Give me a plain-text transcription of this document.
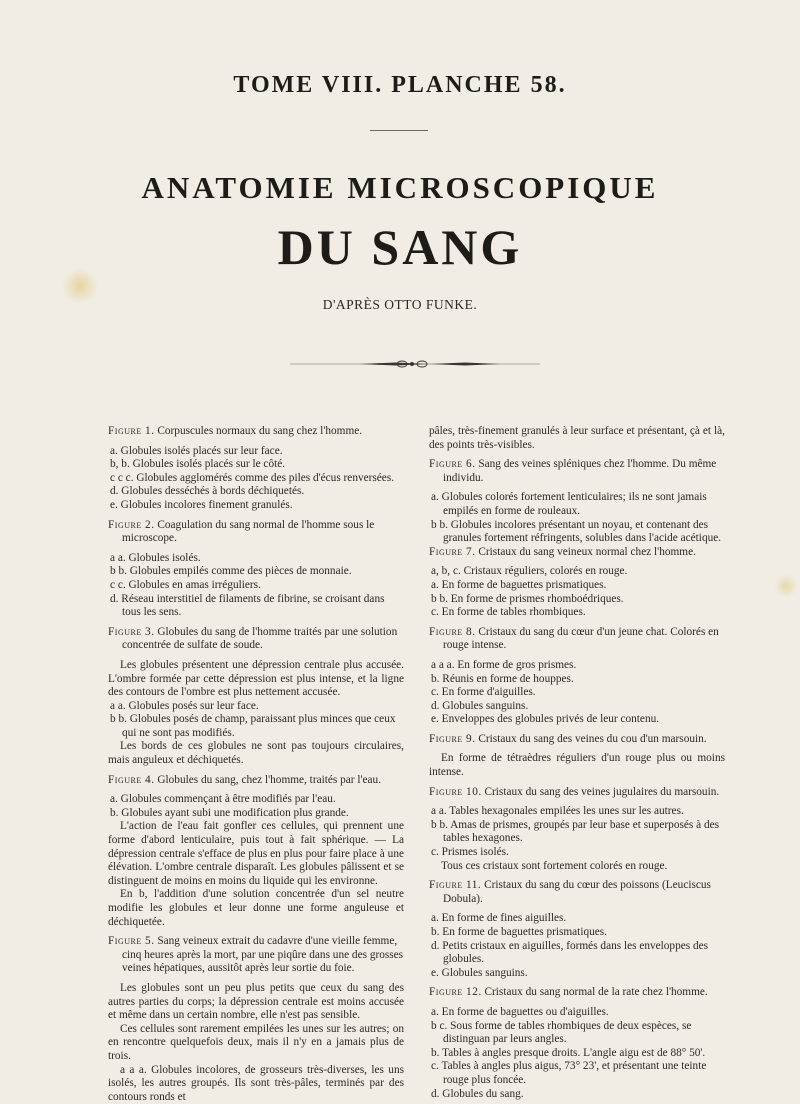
TOME VIII. PLANCHE 58.
ANATOMIE MICROSCOPIQUE
DU SANG
D'APRÈS OTTO FUNKE.

Figure 1. Corpuscules normaux du sang chez l'homme.

a. Globules isolés placés sur leur face.

b, b. Globules isolés placés sur le côté.

c c c. Globules agglomérés comme des piles d'écus renversées.

d. Globules desséchés à bords déchiquetés.

e. Globules incolores finement granulés.

Figure 2. Coagulation du sang normal de l'homme sous le microscope.

a a. Globules isolés.

b b. Globules empilés comme des pièces de monnaie.

c c. Globules en amas irréguliers.

d. Réseau interstitiel de filaments de fibrine, se croisant dans tous les sens.

Figure 3. Globules du sang de l'homme traités par une solution concentrée de sulfate de soude.

Les globules présentent une dépression centrale plus accusée. L'ombre formée par cette dépression est plus intense, et la ligne des contours de l'ombre est plus nettement accusée.

a a. Globules posés sur leur face.

b b. Globules posés de champ, paraissant plus minces que ceux qui ne sont pas modifiés.

Les bords de ces globules ne sont pas toujours circulaires, mais anguleux et déchiquetés.

Figure 4. Globules du sang, chez l'homme, traités par l'eau.

a. Globules commençant à être modifiés par l'eau.

b. Globules ayant subi une modification plus grande.

L'action de l'eau fait gonfler ces cellules, qui prennent une forme d'abord lenticulaire, puis tout à fait sphérique. — La dépression centrale s'efface de plus en plus pour faire place à une élévation. L'ombre centrale disparaît. Les globules pâlissent et se distinguent de moins en moins du liquide qui les environne.

En b, l'addition d'une solution concentrée d'un sel neutre modifie les globules et leur donne une forme anguleuse et déchiquetée.

Figure 5. Sang veineux extrait du cadavre d'une vieille femme, cinq heures après la mort, par une piqûre dans une des grosses veines hépatiques, aussitôt après leur sortie du foie.

Les globules sont un peu plus petits que ceux du sang des autres parties du corps; la dépression centrale est moins accusée et même dans un certain nombre, elle n'est pas sensible.

Ces cellules sont rarement empilées les unes sur les autres; on en rencontre quelquefois deux, mais il n'y en a jamais plus de trois.

a a a. Globules incolores, de grosseurs très-diverses, les uns isolés, les autres groupés. Ils sont très-pâles, terminés par des contours ronds et

pâles, très-finement granulés à leur surface et présentant, çà et là, des points très-visibles.

Figure 6. Sang des veines spléniques chez l'homme. Du même individu.

a. Globules colorés fortement lenticulaires; ils ne sont jamais empilés en forme de rouleaux.

b b. Globules incolores présentant un noyau, et contenant des granules fortement réfringents, solubles dans l'acide acétique.

Figure 7. Cristaux du sang veineux normal chez l'homme.

a, b, c. Cristaux réguliers, colorés en rouge.

a. En forme de baguettes prismatiques.

b b. En forme de prismes rhomboédriques.

c. En forme de tables rhombiques.

Figure 8. Cristaux du sang du cœur d'un jeune chat. Colorés en rouge intense.

a a a. En forme de gros prismes.

b. Réunis en forme de houppes.

c. En forme d'aiguilles.

d. Globules sanguins.

e. Enveloppes des globules privés de leur contenu.

Figure 9. Cristaux du sang des veines du cou d'un marsouin.

En forme de tétraèdres réguliers d'un rouge plus ou moins intense.

Figure 10. Cristaux du sang des veines jugulaires du marsouin.

a a. Tables hexagonales empilées les unes sur les autres.

b b. Amas de prismes, groupés par leur base et superposés à des tables hexagones.

c. Prismes isolés.

Tous ces cristaux sont fortement colorés en rouge.

Figure 11. Cristaux du sang du cœur des poissons (Leuciscus Dobula).

a. En forme de fines aiguilles.

b. En forme de baguettes prismatiques.

d. Petits cristaux en aiguilles, formés dans les enveloppes des globules.

e. Globules sanguins.

Figure 12. Cristaux du sang normal de la rate chez l'homme.

a. En forme de baguettes ou d'aiguilles.

b c. Sous forme de tables rhombiques de deux espèces, se distinguan par leurs angles.

b. Tables à angles presque droits. L'angle aigu est de 88° 50'.

c. Tables à angles plus aigus, 73° 23', et présentant une teinte rouge plus foncée.

d. Globules du sang.
